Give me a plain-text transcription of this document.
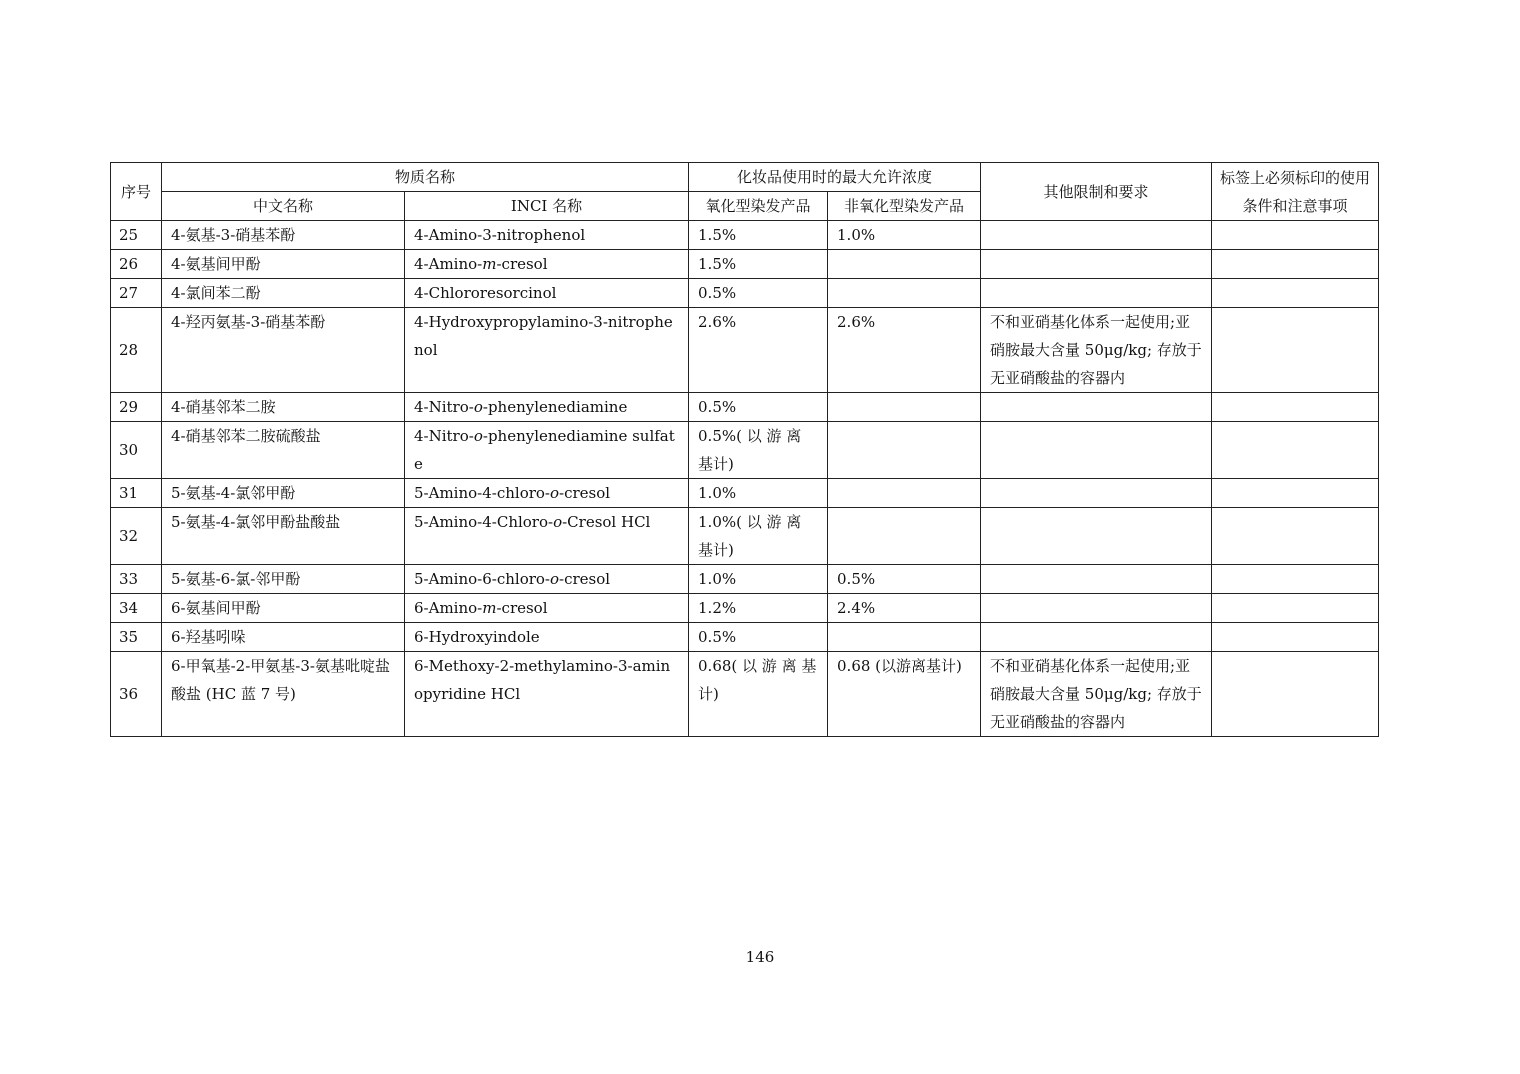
序号	物质名称		化妆品使用时的最大允许浓度		其他限制和要求	标签上必须标印的使用条件和注意事项
	中文名称	INCI 名称	氧化型染发产品	非氧化型染发产品		
25	4-氨基-3-硝基苯酚	4-Amino-3-nitrophenol	1.5%	1.0%		
26	4-氨基间甲酚	4-Amino-m-cresol	1.5%			
27	4-氯间苯二酚	4-Chlororesorcinol	0.5%			
28	4-羟丙氨基-3-硝基苯酚	4-Hydroxypropylamino-3-nitrophenol	2.6%	2.6%	不和亚硝基化体系一起使用;亚硝胺最大含量 50μg/kg; 存放于无亚硝酸盐的容器内	
29	4-硝基邻苯二胺	4-Nitro-o-phenylenediamine	0.5%			
30	4-硝基邻苯二胺硫酸盐	4-Nitro-o-phenylenediamine sulfate	0.5%( 以 游 离 基计)			
31	5-氨基-4-氯邻甲酚	5-Amino-4-chloro-o-cresol	1.0%			
32	5-氨基-4-氯邻甲酚盐酸盐	5-Amino-4-Chloro-o-Cresol HCl	1.0%( 以 游 离 基计)			
33	5-氨基-6-氯-邻甲酚	5-Amino-6-chloro-o-cresol	1.0%	0.5%		
34	6-氨基间甲酚	6-Amino-m-cresol	1.2%	2.4%		
35	6-羟基吲哚	6-Hydroxyindole	0.5%			
36	6-甲氧基-2-甲氨基-3-氨基吡啶盐酸盐 (HC 蓝 7 号)	6-Methoxy-2-methylamino-3-aminopyridine HCl	0.68( 以 游 离 基计)	0.68 (以游离基计)	不和亚硝基化体系一起使用;亚硝胺最大含量 50μg/kg; 存放于无亚硝酸盐的容器内	
146
